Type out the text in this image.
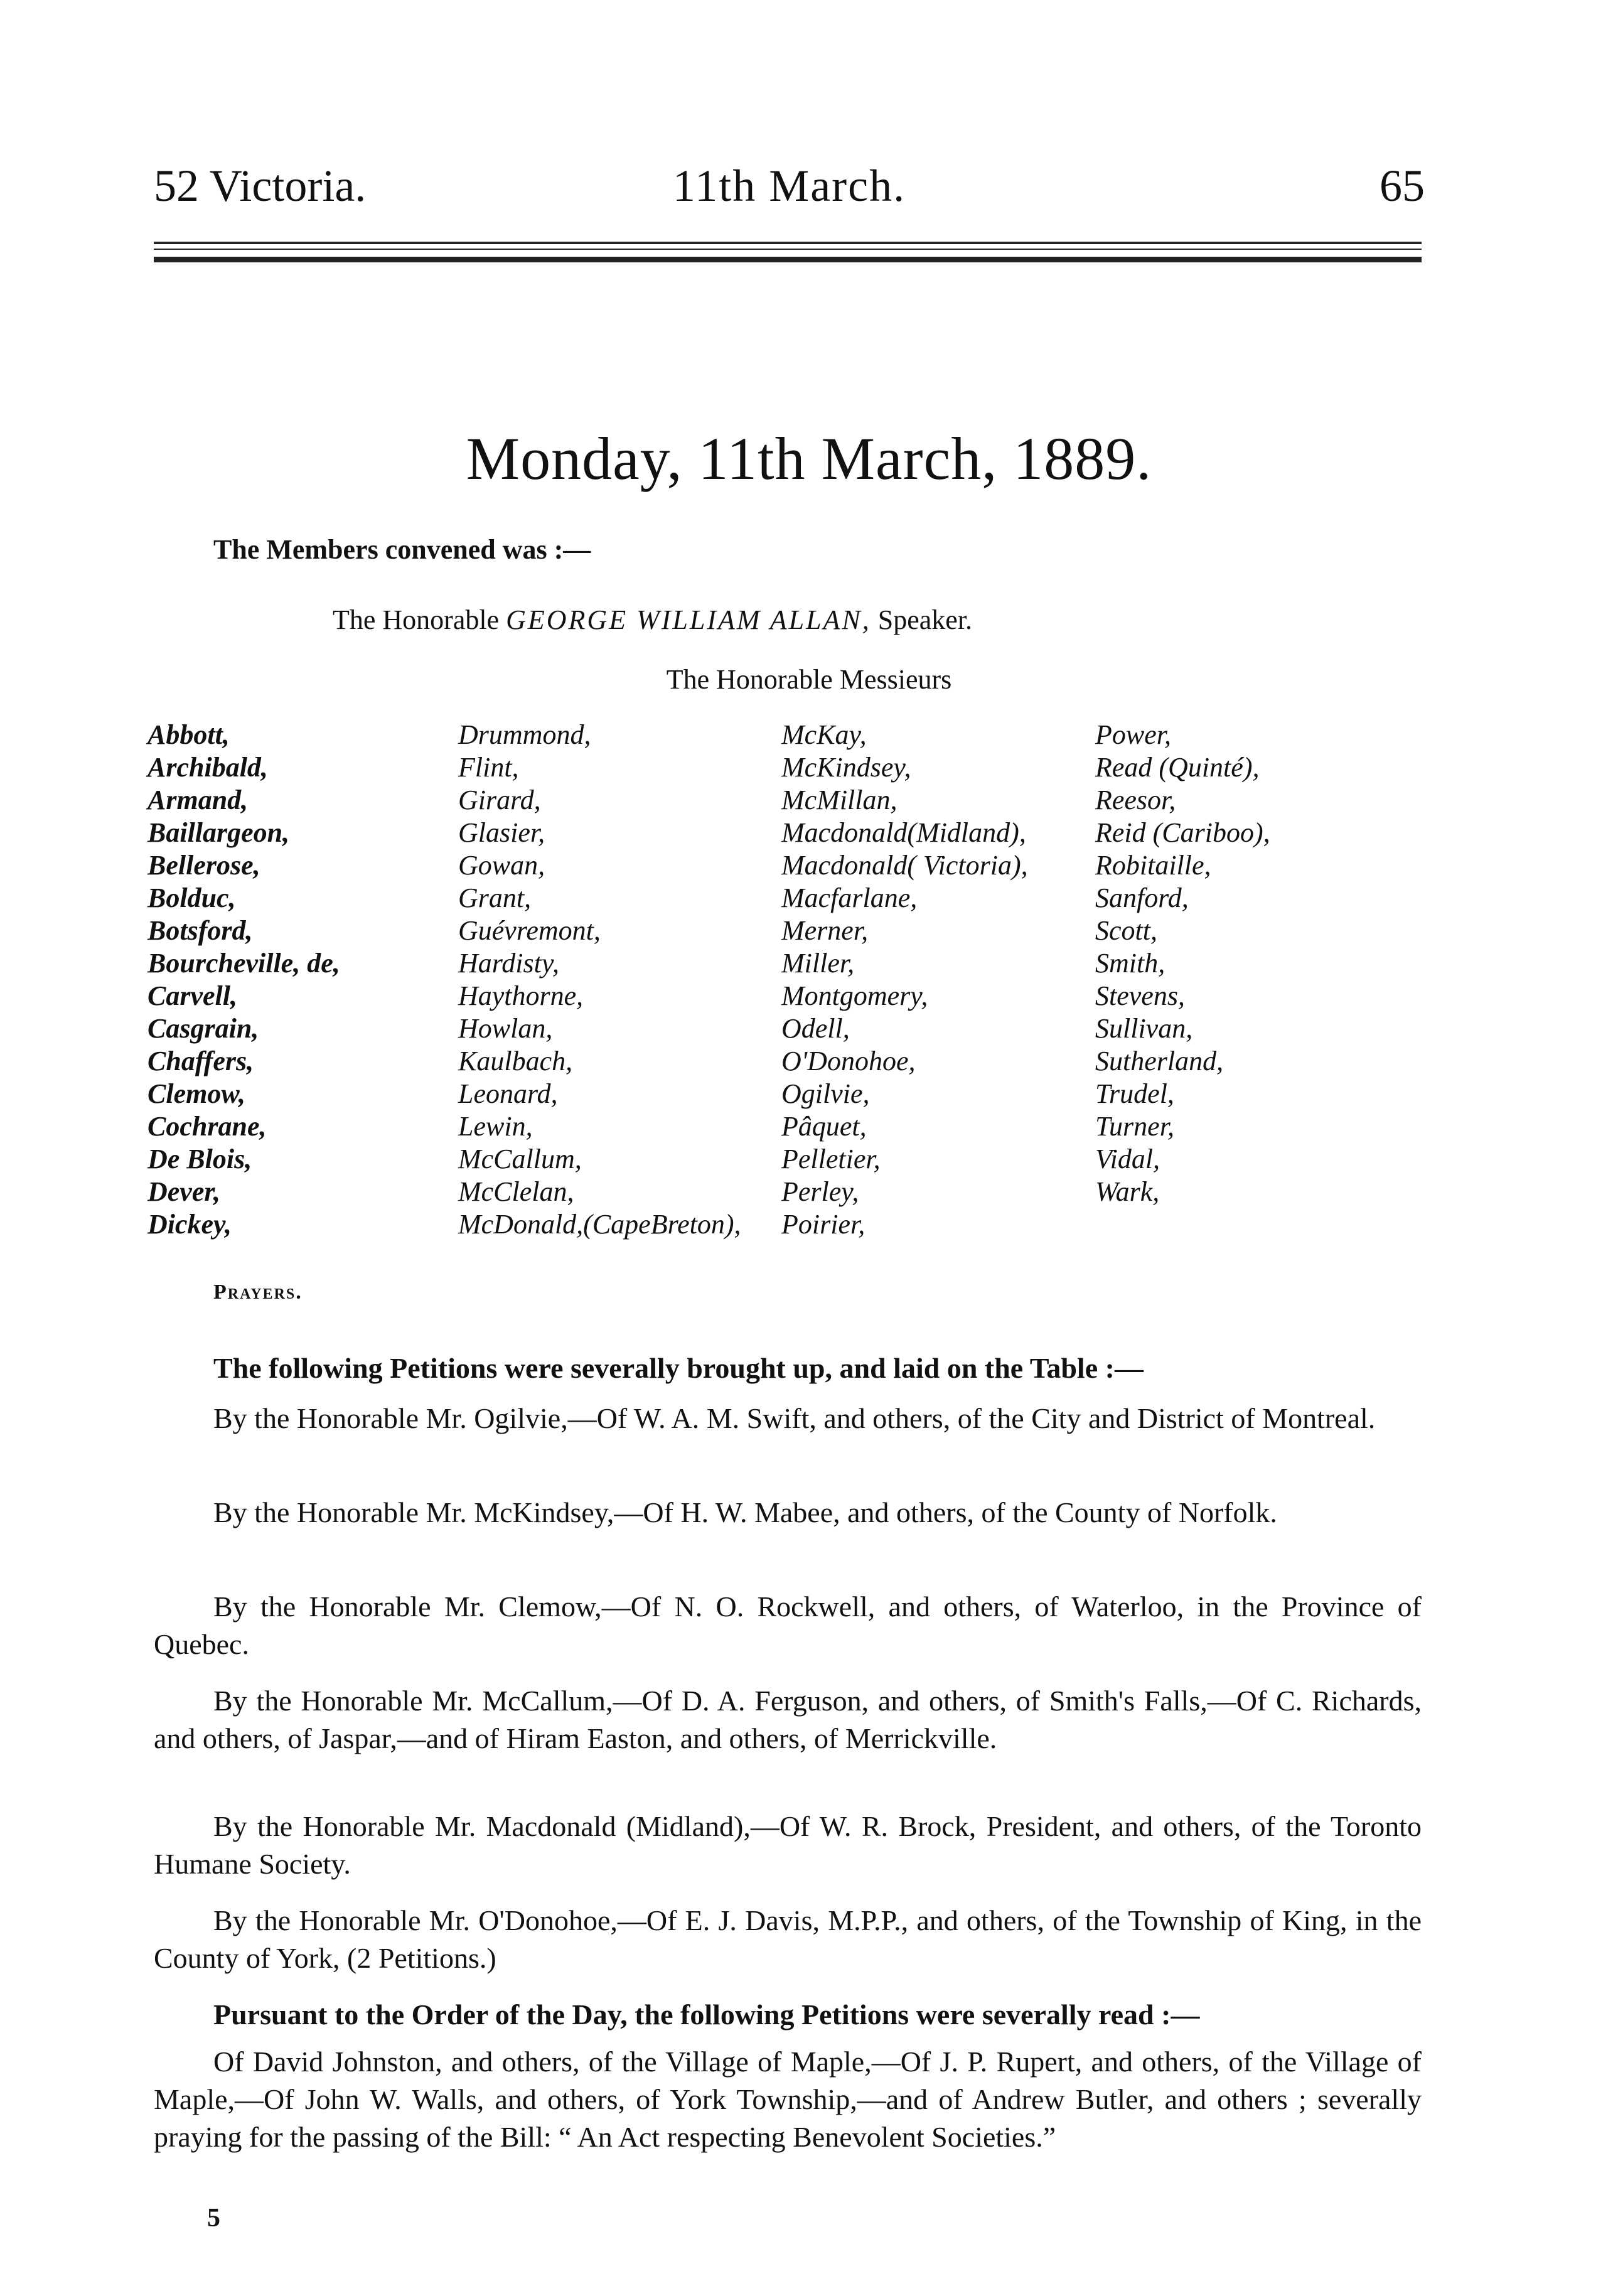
52 Victoria.	11th March.	65
Monday, 11th March, 1889.
The Members convened was :—
The Honorable GEORGE WILLIAM ALLAN, Speaker.
The Honorable Messieurs
Abbott,
Archibald,
Armand,
Baillargeon,
Bellerose,
Bolduc,
Botsford,
Bourcheville, de,
Carvell,
Casgrain,
Chaffers,
Clemow,
Cochrane,
De Blois,
Dever,
Dickey,
Drummond,
Flint,
Girard,
Glasier,
Gowan,
Grant,
Guévremont,
Hardisty,
Haythorne,
Howlan,
Kaulbach,
Leonard,
Lewin,
McCallum,
McClelan,
McDonald,(CapeBreton),
McKay,
McKindsey,
McMillan,
Macdonald(Midland),
Macdonald( Victoria),
Macfarlane,
Merner,
Miller,
Montgomery,
Odell,
O'Donohoe,
Ogilvie,
Pâquet,
Pelletier,
Perley,
Poirier,
Power,
Read (Quinté),
Reesor,
Reid (Cariboo),
Robitaille,
Sanford,
Scott,
Smith,
Stevens,
Sullivan,
Sutherland,
Trudel,
Turner,
Vidal,
Wark,
Prayers.

The following Petitions were severally brought up, and laid on the Table :—

By the Honorable Mr. Ogilvie,—Of W. A. M. Swift, and others, of the City and District of Montreal.

By the Honorable Mr. McKindsey,—Of H. W. Mabee, and others, of the County of Norfolk.

By the Honorable Mr. Clemow,—Of N. O. Rockwell, and others, of Waterloo, in the Province of Quebec.

By the Honorable Mr. McCallum,—Of D. A. Ferguson, and others, of Smith's Falls,—Of C. Richards, and others, of Jaspar,—and of Hiram Easton, and others, of Merrickville.

By the Honorable Mr. Macdonald (Midland),—Of W. R. Brock, President, and others, of the Toronto Humane Society.

By the Honorable Mr. O'Donohoe,—Of E. J. Davis, M.P.P., and others, of the Township of King, in the County of York, (2 Petitions.)

Pursuant to the Order of the Day, the following Petitions were severally read :—

Of David Johnston, and others, of the Village of Maple,—Of J. P. Rupert, and others, of the Village of Maple,—Of John W. Walls, and others, of York Township,—and of Andrew Butler, and others ; severally praying for the passing of the Bill: “ An Act respecting Benevolent Societies.”

5
